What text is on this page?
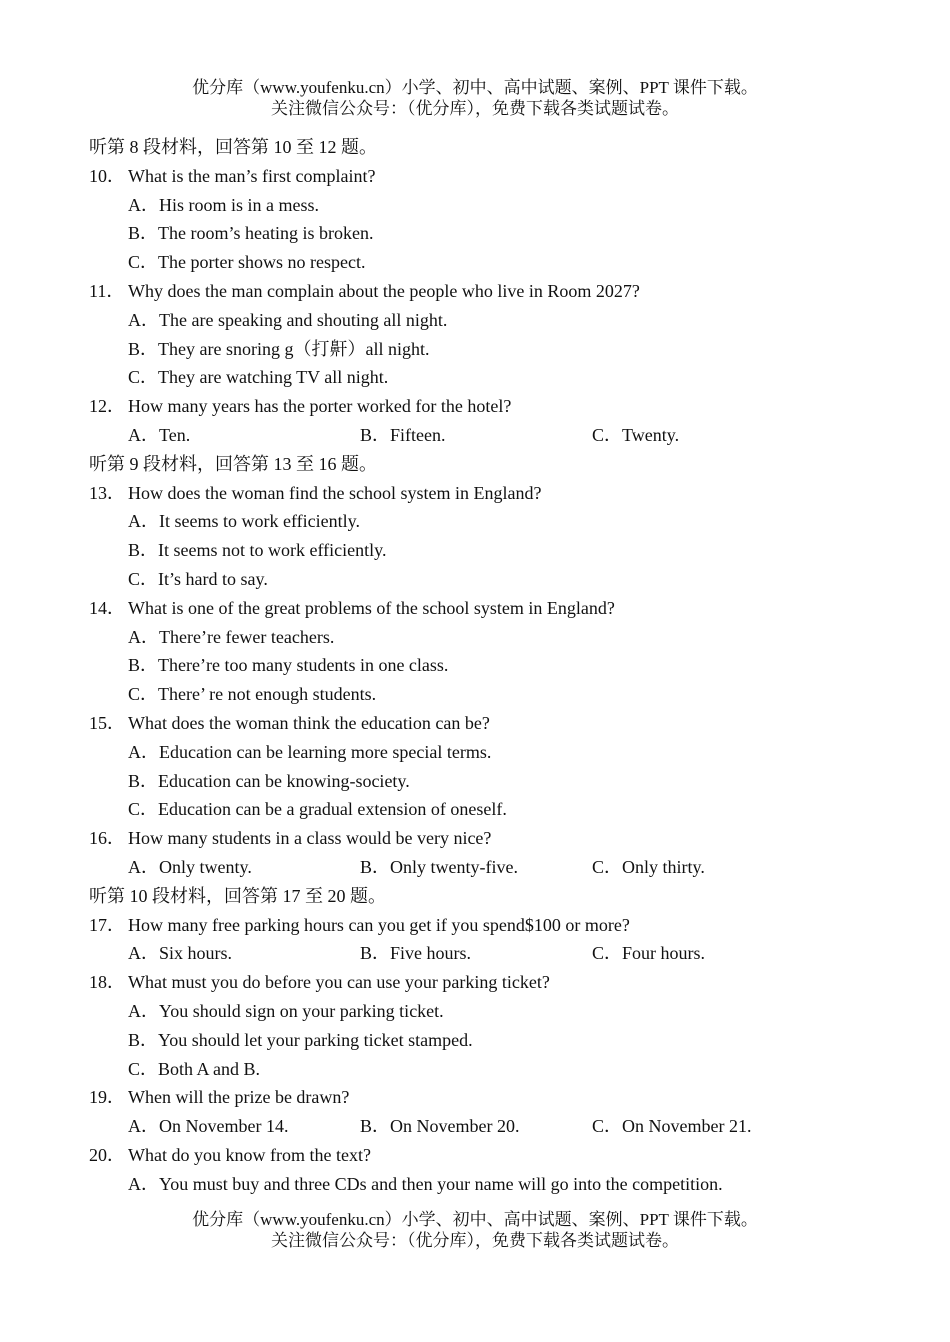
优分库（www.youfenku.cn）小学、初中、高中试题、案例、PPT 课件下载。
关注微信公众号：（优分库），免费下载各类试题试卷。
听第 8 段材料，回答第 10 至 12 题。
10． What is the man’s first complaint?
A．His room is in a mess.
B．The room’s heating is broken.
C．The porter shows no respect.
11． Why does the man complain about the people who live in Room 2027?
A．The are speaking and shouting all night.
B．They are snoring g（打鼾）all night.
C．They are watching TV all night.
12． How many years has the porter worked for the hotel?
A．Ten.	B．Fifteen.	C．Twenty.
听第 9 段材料，回答第 13 至 16 题。
13． How does the woman find the school system in England?
A．It seems to work efficiently.
B．It seems not to work efficiently.
C．It’s hard to say.
14． What is one of the great problems of the school system in England?
A．There’re fewer teachers.
B．There’re too many students in one class.
C．There’ re not enough students.
15． What does the woman think the education can be?
A．Education can be learning more special terms.
B．Education can be knowing-society.
C．Education can be a gradual extension of oneself.
16． How many students in a class would be very nice?
A．Only twenty.	B．Only twenty-five.	C．Only thirty.
听第 10 段材料，回答第 17 至 20 题。
17． How many free parking hours can you get if you spend$100 or more?
A．Six hours.	B．Five hours.	C．Four hours.
18． What must you do before you can use your parking ticket?
A．You should sign on your parking ticket.
B．You should let your parking ticket stamped.
C．Both A and B.
19． When will the prize be drawn?
A．On November 14.	B．On November 20.	C．On November 21.
20． What do you know from the text?
A．You must buy and three CDs and then your name will go into the competition.
优分库（www.youfenku.cn）小学、初中、高中试题、案例、PPT 课件下载。
关注微信公众号：（优分库），免费下载各类试题试卷。
